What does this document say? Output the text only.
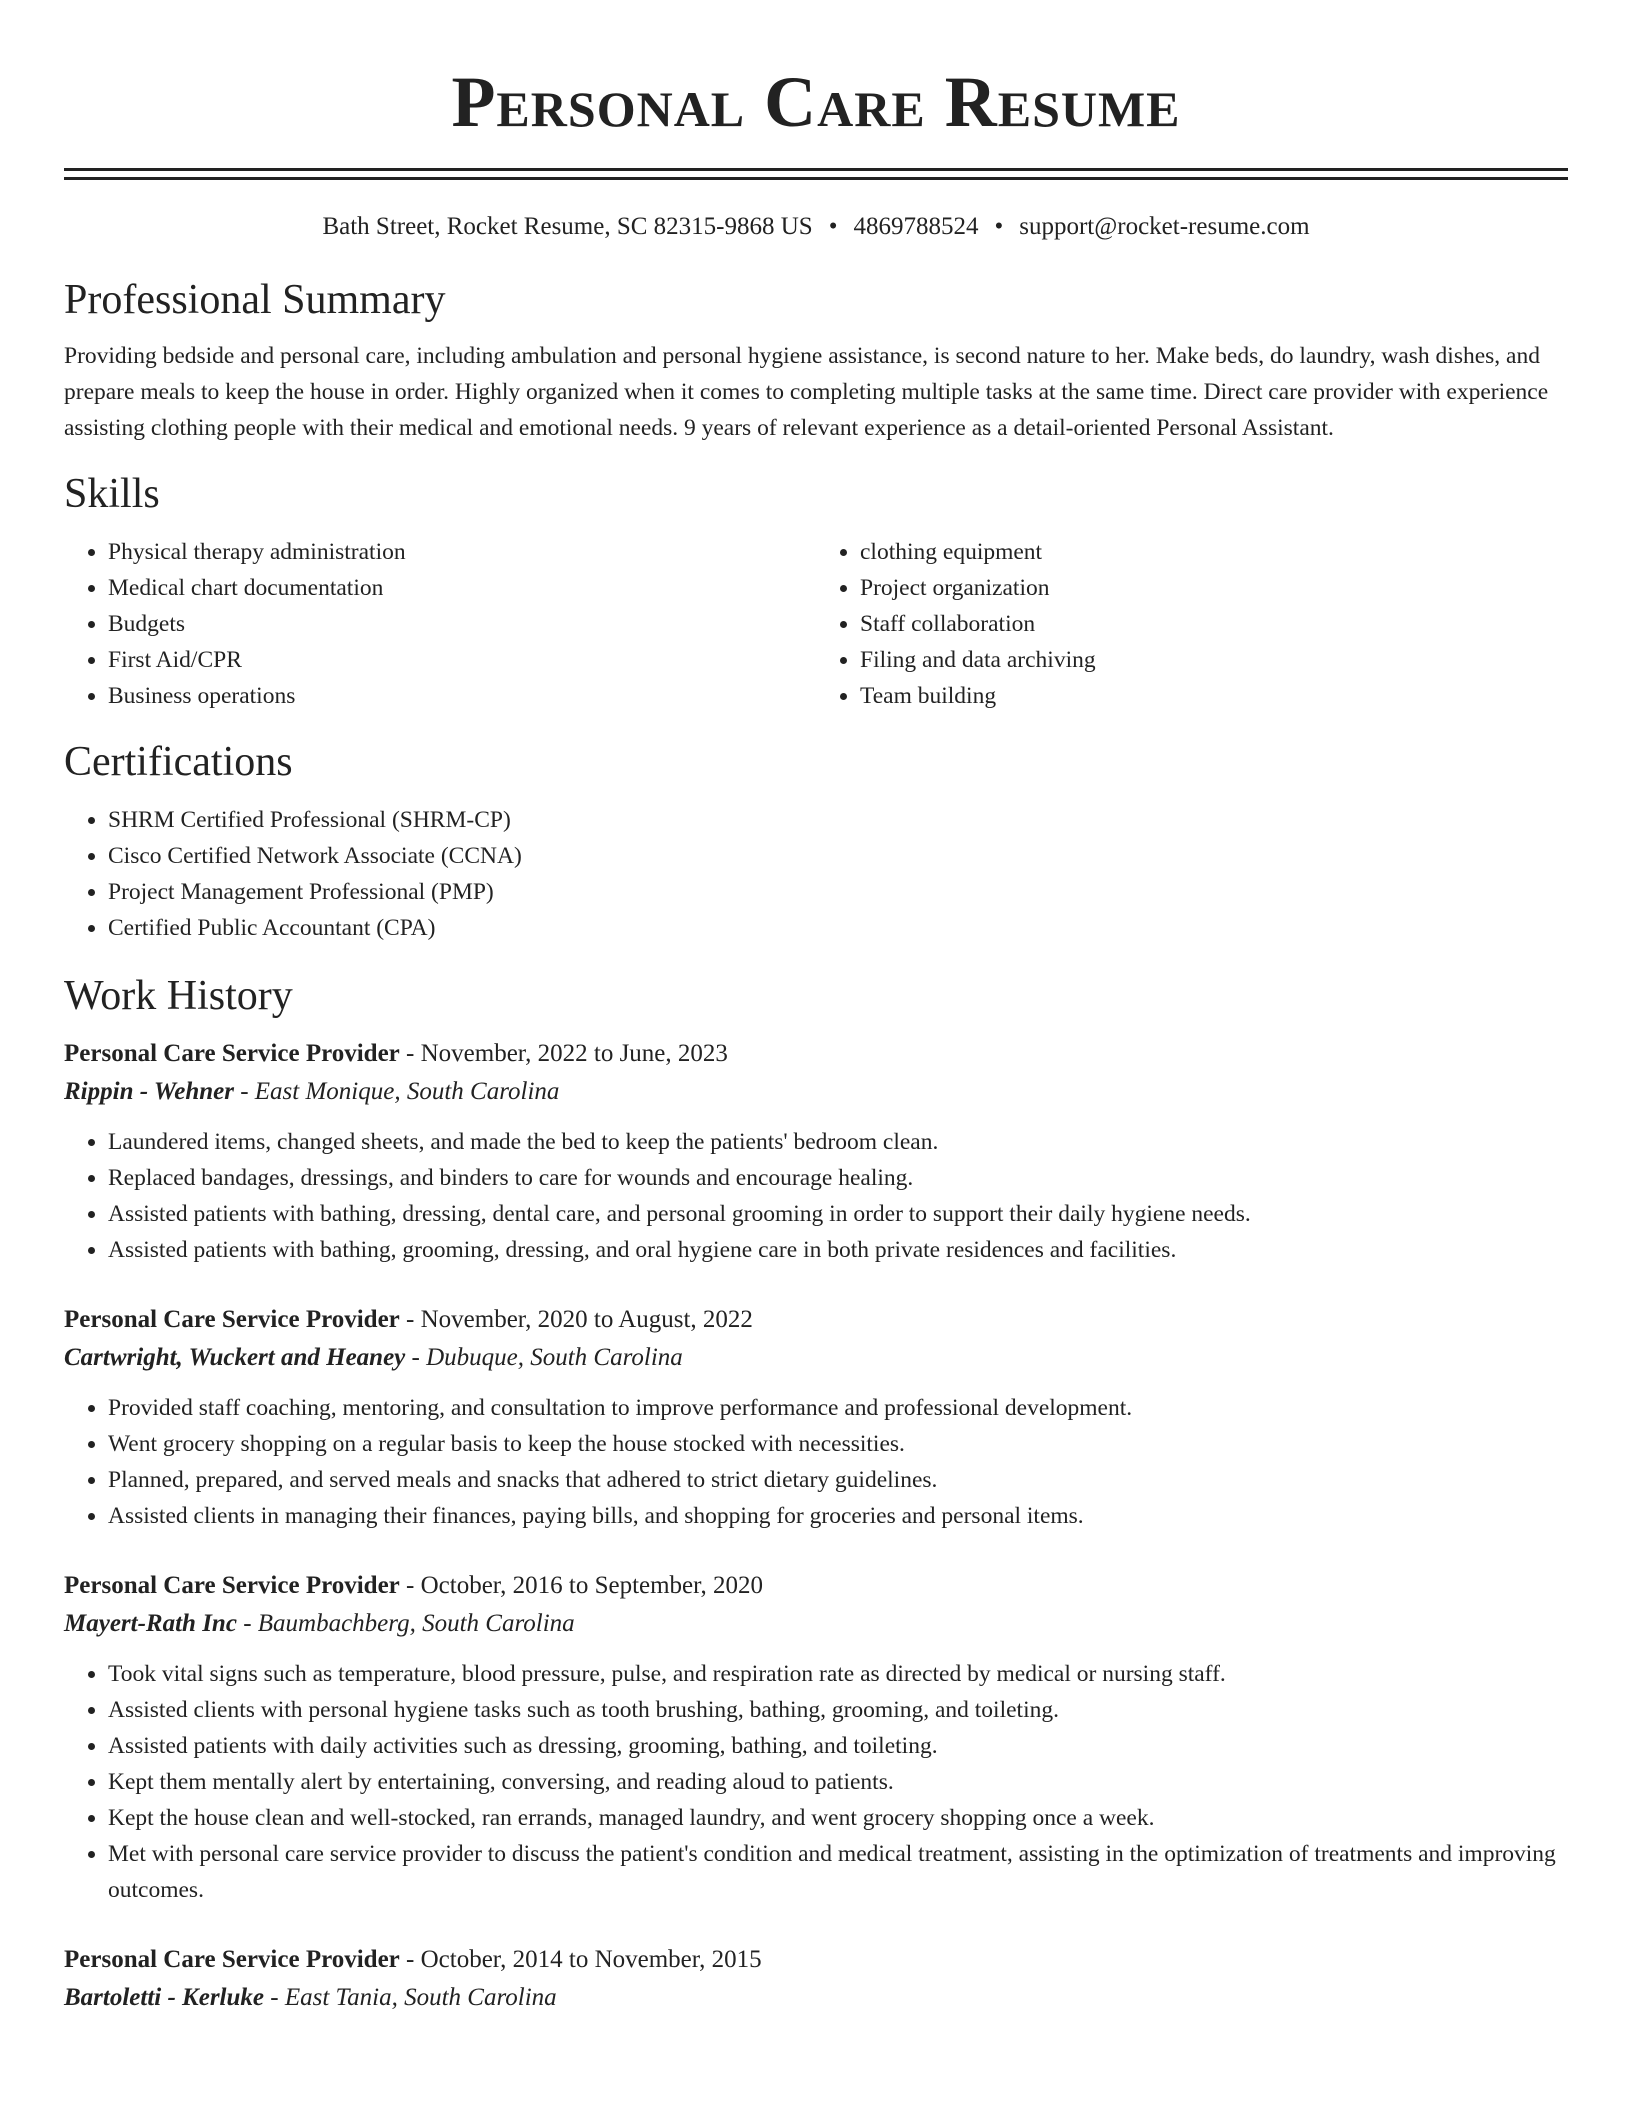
Personal Care Resume
Bath Street, Rocket Resume, SC 82315-9868 US • 4869788524 • support@rocket-resume.com
Professional Summary

Providing bedside and personal care, including ambulation and personal hygiene assistance, is second nature to her. Make beds, do laundry, wash dishes, and prepare meals to keep the house in order. Highly organized when it comes to completing multiple tasks at the same time. Direct care provider with experience assisting clothing people with their medical and emotional needs. 9 years of relevant experience as a detail-oriented Personal Assistant.

Skills
• Physical therapy administration
• Medical chart documentation
• Budgets
• First Aid/CPR
• Business operations
• clothing equipment
• Project organization
• Staff collaboration
• Filing and data archiving
• Team building
Certifications
• SHRM Certified Professional (SHRM-CP)
• Cisco Certified Network Associate (CCNA)
• Project Management Professional (PMP)
• Certified Public Accountant (CPA)
Work History
Personal Care Service Provider - November, 2022 to June, 2023
Rippin - Wehner - East Monique, South Carolina
• Laundered items, changed sheets, and made the bed to keep the patients' bedroom clean.
• Replaced bandages, dressings, and binders to care for wounds and encourage healing.
• Assisted patients with bathing, dressing, dental care, and personal grooming in order to support their daily hygiene needs.
• Assisted patients with bathing, grooming, dressing, and oral hygiene care in both private residences and facilities.
Personal Care Service Provider - November, 2020 to August, 2022
Cartwright, Wuckert and Heaney - Dubuque, South Carolina
• Provided staff coaching, mentoring, and consultation to improve performance and professional development.
• Went grocery shopping on a regular basis to keep the house stocked with necessities.
• Planned, prepared, and served meals and snacks that adhered to strict dietary guidelines.
• Assisted clients in managing their finances, paying bills, and shopping for groceries and personal items.
Personal Care Service Provider - October, 2016 to September, 2020
Mayert-Rath Inc - Baumbachberg, South Carolina
• Took vital signs such as temperature, blood pressure, pulse, and respiration rate as directed by medical or nursing staff.
• Assisted clients with personal hygiene tasks such as tooth brushing, bathing, grooming, and toileting.
• Assisted patients with daily activities such as dressing, grooming, bathing, and toileting.
• Kept them mentally alert by entertaining, conversing, and reading aloud to patients.
• Kept the house clean and well-stocked, ran errands, managed laundry, and went grocery shopping once a week.
• Met with personal care service provider to discuss the patient's condition and medical treatment, assisting in the optimization of treatments and improving outcomes.
Personal Care Service Provider - October, 2014 to November, 2015
Bartoletti - Kerluke - East Tania, South Carolina
